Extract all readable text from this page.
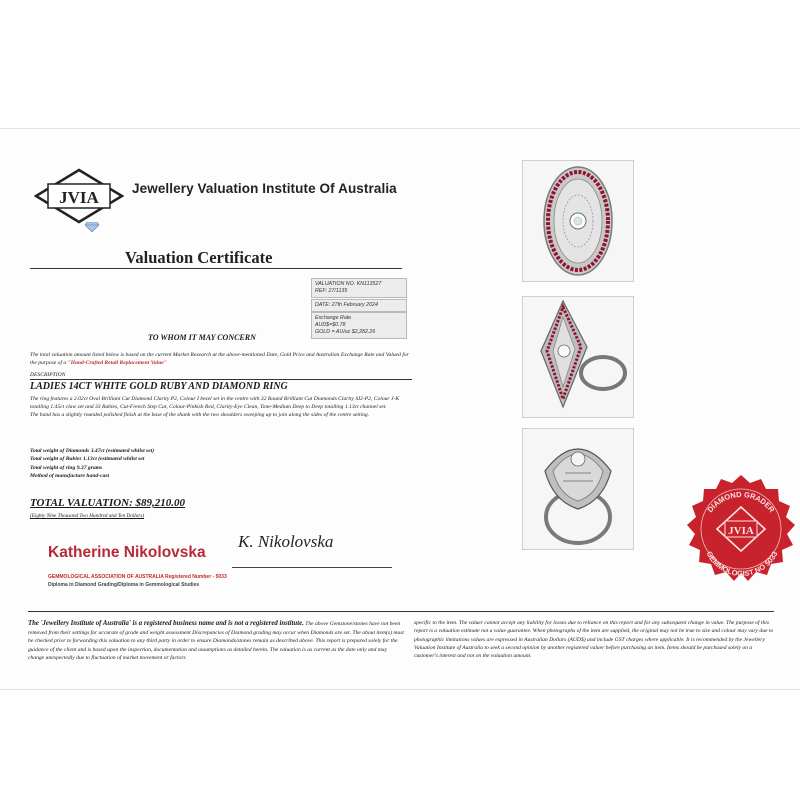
JVIA Jewellery Valuation Institute Of Australia
Valuation Certificate
VALUATION NO. KN113527
REF: 27/1135
DATE: 27th February 2024
Exchange Rate
AUD$=$0.78
GOLD = AU/oz $2,282.26
TO WHOM IT MAY CONCERN
The total valuation amount listed below is based on the current Market Research at the above-mentioned Date, Gold Price and Australian Exchange Rate and Valued for the purpose of a "Hand-Crafted Retail Replacement Value"
DESCRIPTION
LADIES 14CT WHITE GOLD RUBY AND DIAMOND RING
The ring features a 2.02ct Oval Brilliant Cut Diamond Clarity P2, Colour I bezel set in the centre with 32 Round Brilliant Cut Diamonds Clarity SI2-P2, Colour J-K totalling 1.45ct claw set and 33 Rubies, Cut-French Step Cut, Colour-Pinkish Red, Clarity-Eye Clean, Tone-Medium Deep to Deep totalling 1.13ct channel set.
The band has a slightly rounded polished finish at the base of the shank with the two shoulders sweeping up to join along the sides of the centre setting.
Total weight of Diamonds 3.47ct (estimated whilst set)
Total weight of Rubies 1.13ct (estimated whilst set
Total weight of ring 9.37 grams
Method of manufacture hand-cast
TOTAL VALUATION: $89,210.00
(Eighty Nine Thousand Two Hundred and Ten Dollars)
Katherine Nikolovska
K. Nikolovska
GEMMOLOGICAL ASSOCIATION OF AUSTRALIA Registered Number - 5033
Diploma in Diamond Grading/Diploma in Gemmological Studies
DIAMOND GRADER
GEMMOLOGIST NO 5033
JVIA
The 'Jewellery Institute of Australia' is a registered business name and is not a registered institute. The above Gemstone/stones have not been removed from their settings for accurate of grade and weight assessment Discrepancies of Diamond grading may occur when Diamonds are set. The about item(s) must be checked prior to forwarding this valuation to any third party in order to ensure Diamonds/stones remain as described above. This report is prepared solely for the guidance of the client and is based upon the inspection, documentation and assumptions as detailed herein. The valuation is as current as the date only and may change unexpectedly due to fluctuation of market movement or factors
specific to the item. The valuer cannot accept any liability for losses due to reliance on this report and for any subsequent change in value. The purpose of this report is a valuation estimate not a value guarantee. When photographs of the item are supplied, the original may not be true to size and colour may vary due to photographic limitations values are expressed in Australian Dollars (AUD$) and include GST charges where applicable. It is recommended by the Jewellery Valuation Institute of Australia to seek a second opinion by another registered valuer before purchasing an item. Items should be purchased solely on a customer's interest and not on the valuation amount.
